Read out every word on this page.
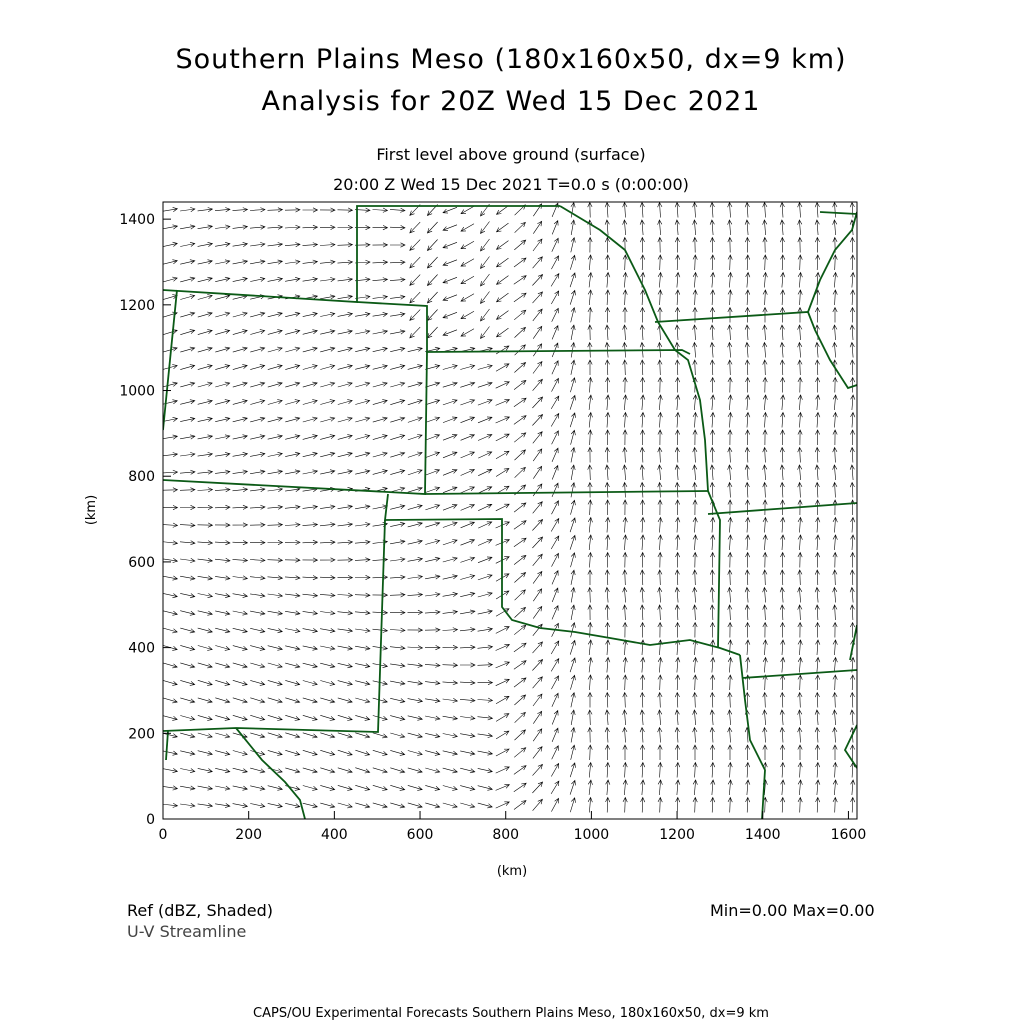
Southern Plains Meso (180x160x50, dx=9 km)
Analysis for 20Z Wed 15 Dec 2021
First level above ground (surface)
20:00 Z Wed 15 Dec 2021 T=0.0 s (0:00:00)
0	200	400	600	800	1000	1200	1400	1600
0
200
400
600
800
1000
1200
1400
(km)
(km)
Ref (dBZ, Shaded)
U-V Streamline
Min=0.00 Max=0.00
CAPS/OU Experimental Forecasts Southern Plains Meso, 180x160x50, dx=9 km
